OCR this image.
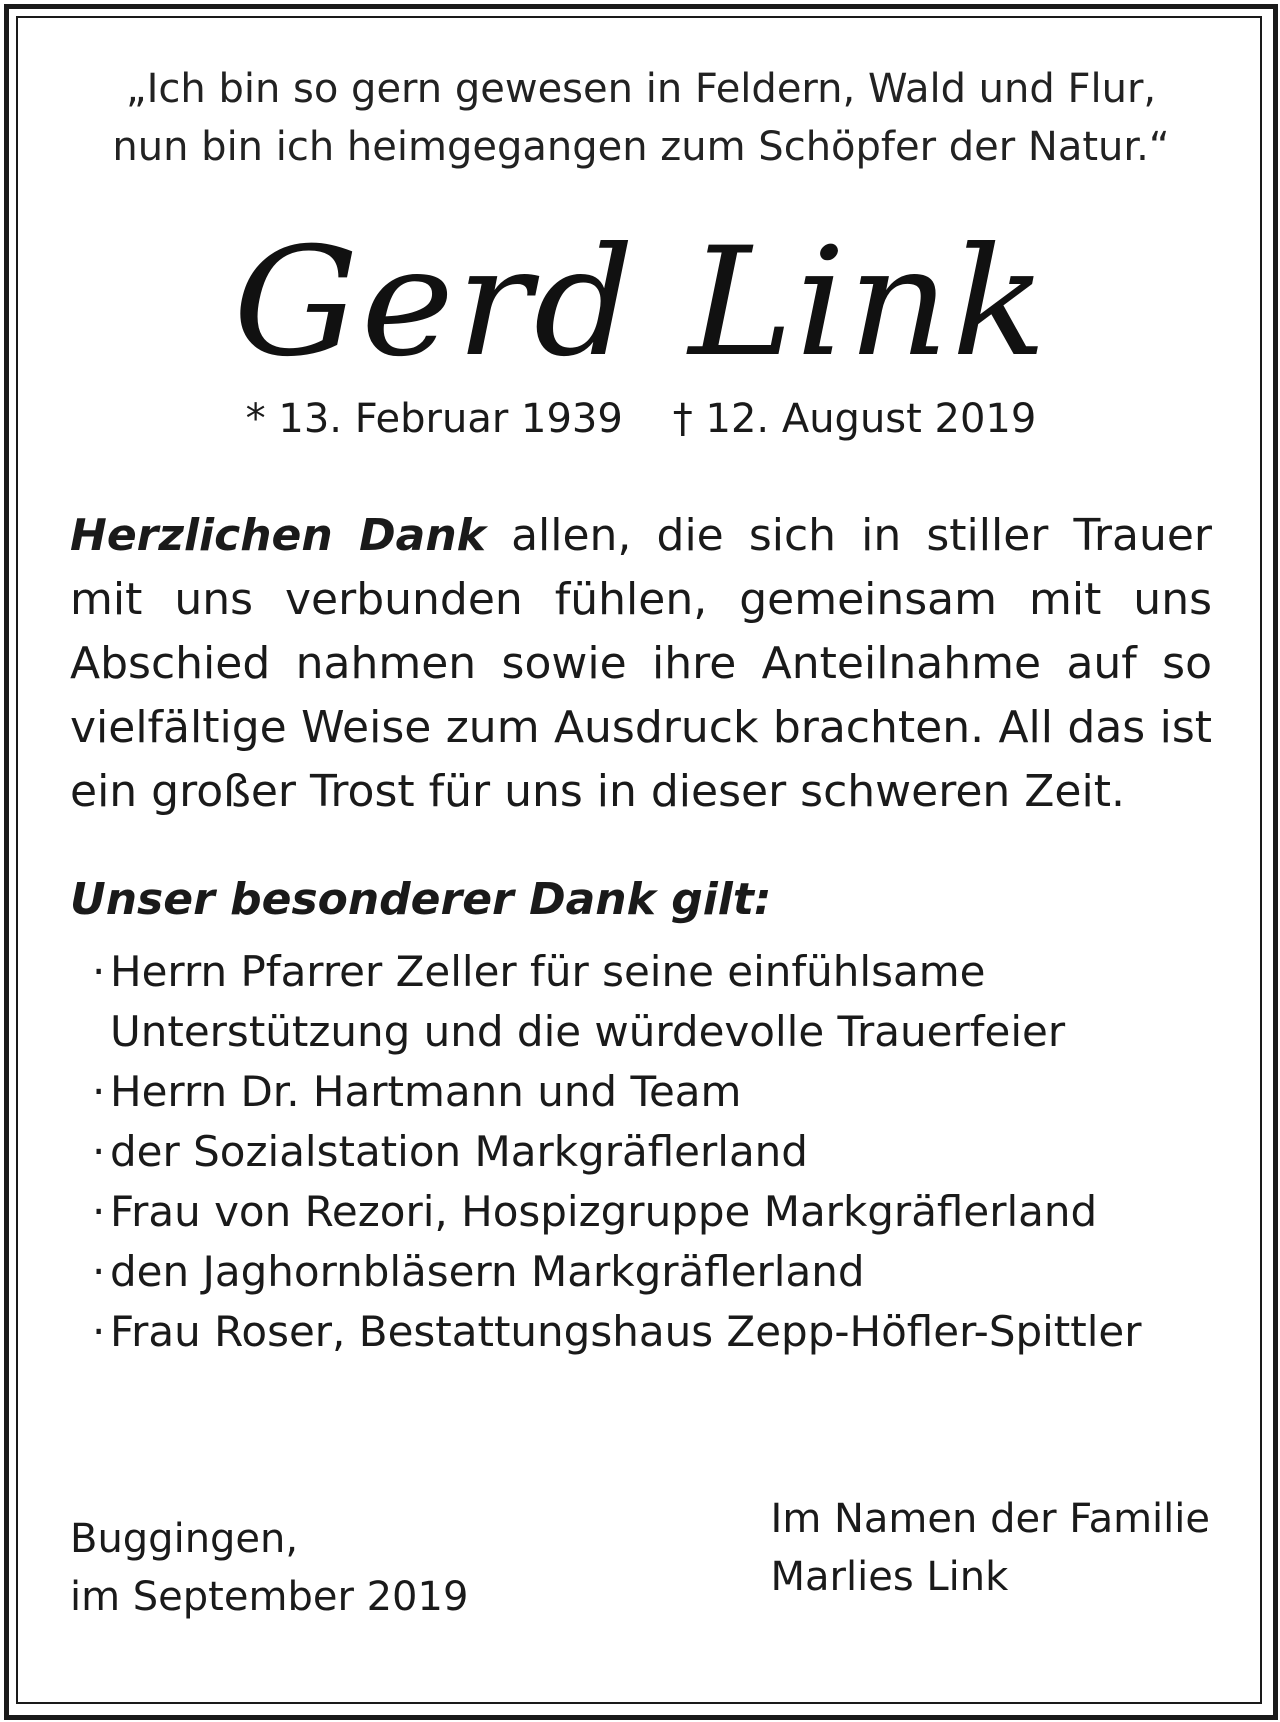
„Ich bin so gern gewesen in Feldern, Wald und Flur,
nun bin ich heimgegangen zum Schöpfer der Natur.“
Gerd Link
* 13. Februar 1939 † 12. August 2019
Herzlichen Dank allen, die sich in stiller Trauer mit uns verbunden fühlen, gemeinsam mit uns Abschied nahmen sowie ihre Anteilnahme auf so vielfältige Weise zum Ausdruck brachten. All das ist ein großer Trost für uns in dieser schweren Zeit.
Unser besonderer Dank gilt:
· Herrn Pfarrer Zeller für seine einfühlsame
Unterstützung und die würdevolle Trauerfeier
· Herrn Dr. Hartmann und Team
· der Sozialstation Markgräflerland
· Frau von Rezori, Hospizgruppe Markgräflerland
· den Jaghornbläsern Markgräflerland
· Frau Roser, Bestattungshaus Zepp-Höfler-Spittler
Buggingen,
im September 2019
Im Namen der Familie
Marlies Link
